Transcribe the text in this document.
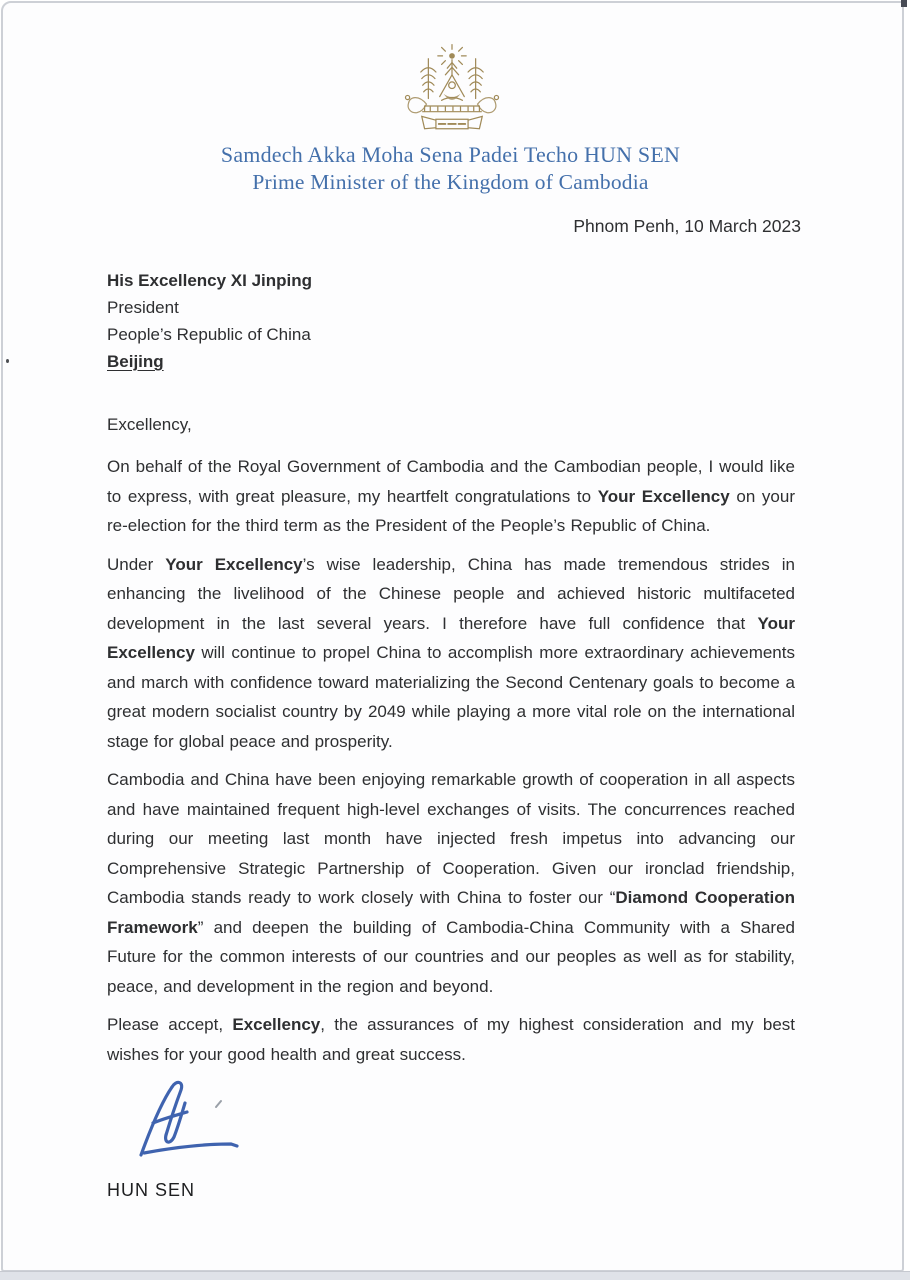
Samdech Akka Moha Sena Padei Techo HUN SEN
Prime Minister of the Kingdom of Cambodia
Phnom Penh, 10 March 2023
His Excellency XI Jinping
President
People’s Republic of China
Beijing
Excellency,

On behalf of the Royal Government of Cambodia and the Cambodian people, I would like to express, with great pleasure, my heartfelt congratulations to Your Excellency on your re-election for the third term as the President of the People’s Republic of China.

Under Your Excellency’s wise leadership, China has made tremendous strides in enhancing the livelihood of the Chinese people and achieved historic multifaceted development in the last several years. I therefore have full confidence that Your Excellency will continue to propel China to accomplish more extraordinary achievements and march with confidence toward materializing the Second Centenary goals to become a great modern socialist country by 2049 while playing a more vital role on the international stage for global peace and prosperity.

Cambodia and China have been enjoying remarkable growth of cooperation in all aspects and have maintained frequent high-level exchanges of visits. The concurrences reached during our meeting last month have injected fresh impetus into advancing our Comprehensive Strategic Partnership of Cooperation. Given our ironclad friendship, Cambodia stands ready to work closely with China to foster our “Diamond Cooperation Framework” and deepen the building of Cambodia-China Community with a Shared Future for the common interests of our countries and our peoples as well as for stability, peace, and development in the region and beyond.

Please accept, Excellency, the assurances of my highest consideration and my best wishes for your good health and great success.

HUN SEN
